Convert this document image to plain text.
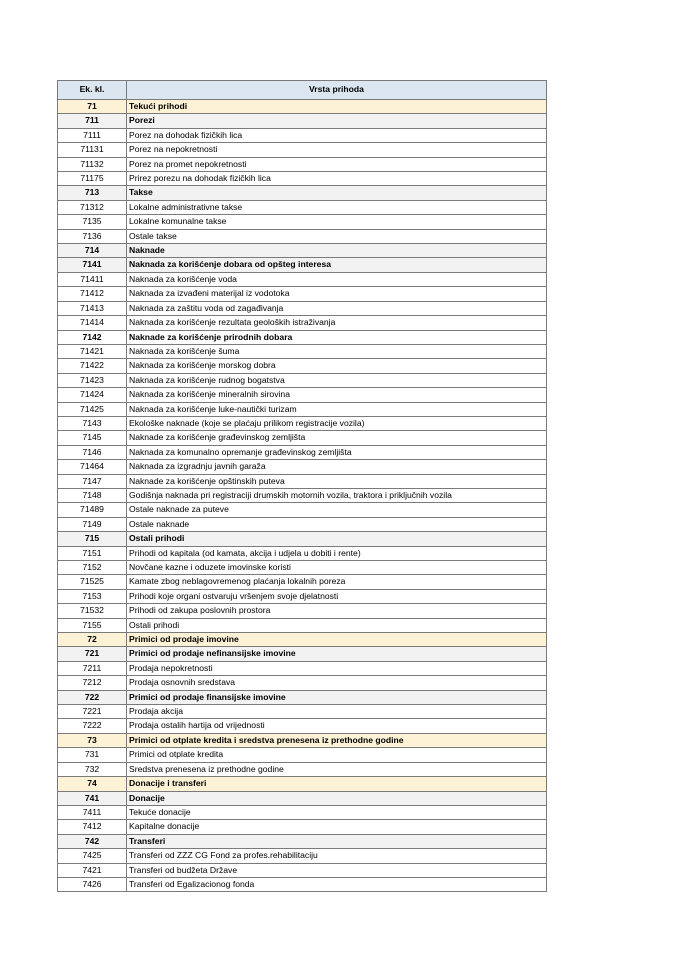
Ek. kl.	Vrsta prihoda
71	Tekući prihodi
711	Porezi
7111	Porez na dohodak fizičkih lica
71131	Porez na nepokretnosti
71132	Porez na promet nepokretnosti
71175	Prirez porezu na dohodak fizičkih lica
713	Takse
71312	Lokalne administrativne takse
7135	Lokalne komunalne takse
7136	Ostale takse
714	Naknade
7141	Naknada za korišćenje dobara od opšteg interesa
71411	Naknada za korišćenje voda
71412	Naknada za izvađeni materijal iz vodotoka
71413	Naknada za zaštitu voda od zagađivanja
71414	Naknada za korišćenje rezultata geoloških istraživanja
7142	Naknade za korišćenje prirodnih dobara
71421	Naknada za korišćenje šuma
71422	Naknada za korišćenje morskog dobra
71423	Naknada za korišćenje rudnog bogatstva
71424	Naknada za korišćenje mineralnih sirovina
71425	Naknada za korišćenje luke-nautički turizam
7143	Ekološke naknade (koje se plaćaju prilikom registracije vozila)
7145	Naknade za korišćenje građevinskog zemljišta
7146	Naknada za komunalno opremanje građevinskog zemljišta
71464	Naknada za izgradnju javnih garaža
7147	Naknade za korišćenje opštinskih puteva
7148	Godišnja naknada pri registraciji drumskih motornih vozila, traktora i priključnih vozila
71489	Ostale naknade za puteve
7149	Ostale naknade
715	Ostali prihodi
7151	Prihodi od kapitala (od kamata, akcija i udjela u dobiti i rente)
7152	Novčane kazne i oduzete imovinske koristi
71525	Kamate zbog neblagovremenog plaćanja lokalnih poreza
7153	Prihodi koje organi ostvaruju vršenjem svoje djelatnosti
71532	Prihodi od zakupa poslovnih prostora
7155	Ostali prihodi
72	Primici od prodaje imovine
721	Primici od prodaje nefinansijske imovine
7211	Prodaja nepokretnosti
7212	Prodaja osnovnih sredstava
722	Primici od prodaje finansijske imovine
7221	Prodaja akcija
7222	Prodaja ostalih hartija od vrijednosti
73	Primici od otplate kredita i sredstva prenesena iz prethodne godine
731	Primici od otplate kredita
732	Sredstva prenesena iz prethodne godine
74	Donacije i transferi
741	Donacije
7411	Tekuće donacije
7412	Kapitalne donacije
742	Transferi
7425	Transferi od ZZZ CG Fond za profes.rehabilitaciju
7421	Transferi od budžeta Države
7426	Transferi od Egalizacionog fonda
